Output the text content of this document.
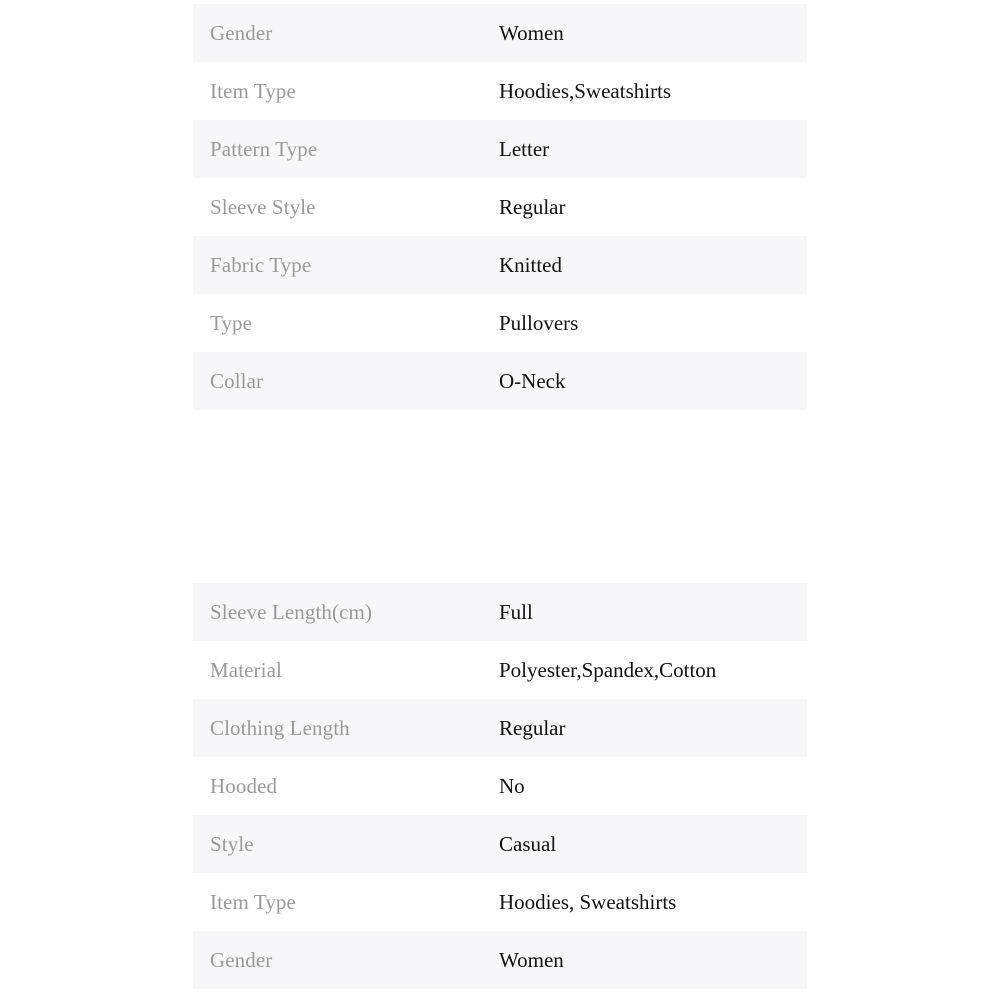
Gender	Women
Item Type	Hoodies,Sweatshirts
Pattern Type	Letter
Sleeve Style	Regular
Fabric Type	Knitted
Type	Pullovers
Collar	O-Neck
Sleeve Length(cm)	Full
Material	Polyester,Spandex,Cotton
Clothing Length	Regular
Hooded	No
Style	Casual
Item Type	Hoodies, Sweatshirts
Gender	Women
